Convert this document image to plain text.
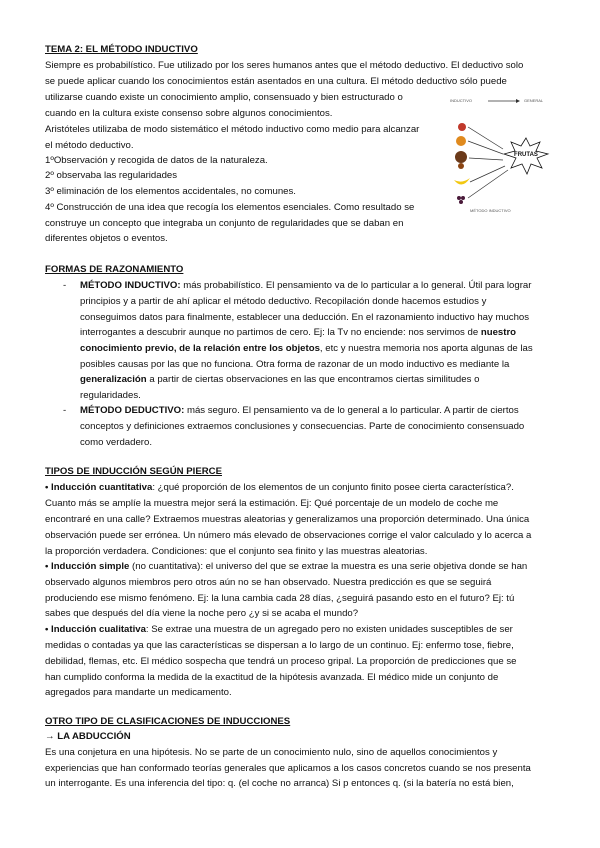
TEMA 2: EL MÉTODO INDUCTIVO
Siempre es probabilístico. Fue utilizado por los seres humanos antes que el método deductivo. El deductivo solo
se puede aplicar cuando los conocimientos están asentados en una cultura. El método deductivo sólo puede
utilizarse cuando existe un conocimiento amplio, consensuado y bien estructurado o
cuando en la cultura existe consenso sobre algunos conocimientos.
Aristóteles utilizaba de modo sistemático el método inductivo como medio para alcanzar
el método deductivo.
1ºObservación y recogida de datos de la naturaleza.
2º observaba las regularidades
3º eliminación de los elementos accidentales, no comunes.
4º Construcción de una idea que recogía los elementos esenciales. Como resultado se
construye un concepto que integraba un conjunto de regularidades que se daban en
diferentes objetos o eventos.
INDUCTIVO	GENERAL
FRUTAS
MÉTODO INDUCTIVO
FORMAS DE RAZONAMIENTO
- MÉTODO INDUCTIVO: más probabilístico. El pensamiento va de lo particular a lo general. Útil para lograr
principios y a partir de ahí aplicar el método deductivo. Recopilación donde hacemos estudios y
conseguimos datos para finalmente, establecer una deducción. En el razonamiento inductivo hay muchos
interrogantes a descubrir aunque no partimos de cero. Ej: la Tv no enciende: nos servimos de nuestro
conocimiento previo, de la relación entre los objetos, etc y nuestra memoria nos aporta algunas de las
posibles causas por las que no funciona. Otra forma de razonar de un modo inductivo es mediante la
generalización a partir de ciertas observaciones en las que encontramos ciertas similitudes o
regularidades.
- MÉTODO DEDUCTIVO: más seguro. El pensamiento va de lo general a lo particular. A partir de ciertos
conceptos y definiciones extraemos conclusiones y consecuencias. Parte de conocimiento consensuado
como verdadero.
TIPOS DE INDUCCIÓN SEGÚN PIERCE
• Inducción cuantitativa: ¿qué proporción de los elementos de un conjunto finito posee cierta característica?.
Cuanto más se amplíe la muestra mejor será la estimación. Ej: Qué porcentaje de un modelo de coche me
encontraré en una calle? Extraemos muestras aleatorias y generalizamos una proporción determinado. Una única
observación puede ser errónea. Un número más elevado de observaciones corrige el valor calculado y lo acerca a
la proporción verdadera. Condiciones: que el conjunto sea finito y las muestras aleatorias.
• Inducción simple (no cuantitativa): el universo del que se extrae la muestra es una serie objetiva donde se han
observado algunos miembros pero otros aún no se han observado. Nuestra predicción es que se seguirá
produciendo ese mismo fenómeno. Ej: la luna cambia cada 28 días, ¿seguirá pasando esto en el futuro? Ej: tú
sabes que después del día viene la noche pero ¿y si se acaba el mundo?
• Inducción cualitativa: Se extrae una muestra de un agregado pero no existen unidades susceptibles de ser
medidas o contadas ya que las características se dispersan a lo largo de un continuo. Ej: enfermo tose, fiebre,
debilidad, flemas, etc. El médico sospecha que tendrá un proceso gripal. La proporción de predicciones que se
han cumplido conforma la medida de la exactitud de la hipótesis avanzada. El médico mide un conjunto de
agregados para mandarte un medicamento.
OTRO TIPO DE CLASIFICACIONES DE INDUCCIONES
→ LA ABDUCCIÓN
Es una conjetura en una hipótesis. No se parte de un conocimiento nulo, sino de aquellos conocimientos y
experiencias que han conformado teorías generales que aplicamos a los casos concretos cuando se nos presenta
un interrogante. Es una inferencia del tipo: q. (el coche no arranca) Si p entonces q. (si la batería no está bien,
